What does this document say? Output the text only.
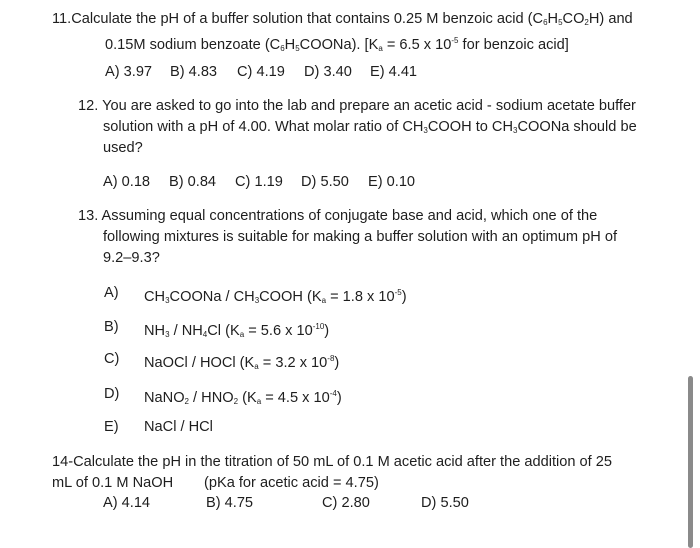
11.Calculate the pH of a buffer solution that contains 0.25 M benzoic acid $(C_6H_5CO_2H)$ and
0.15M sodium benzoate $(C_6H_5COONa)$. [$K_a = 6.5$ x $10^{-5}$ for benzoic acid]
A) 3.97 B) 4.83 C) 4.19 D) 3.40 E) 4.41
12. You are asked to go into the lab and prepare an acetic acid - sodium acetate buffer
solution with a pH of 4.00. What molar ratio of $CH_3COOH$ to $CH_3COONa$ should be
used?
A) 0.18 B) 0.84 C) 1.19 D) 5.50 E) 0.10
13. Assuming equal concentrations of conjugate base and acid, which one of the
following mixtures is suitable for making a buffer solution with an optimum pH of
9.2–9.3?
A) $CH_3COONa$ / $CH_3COOH$ ($K_a = 1.8$ x $10^{-5}$)
B) $NH_3 / NH_4Cl$ ($K_a = 5.6$ x $10^{-10}$)
C) NaOCl / HOCl ($K_a = 3.2$ x $10^{-8}$)
D) NaNO$_2$ / $HNO_2$ ($K_a = 4.5$ x $10^{-4}$)
E) NaCl / HCl
14-Calculate the pH in the titration of 50 mL of 0.1 M acetic acid after the addition of 25
mL of 0.1 M NaOH (pKa for acetic acid = 4.75)
A) 4.14	B) 4.75	C) 2.80	D) 5.50
